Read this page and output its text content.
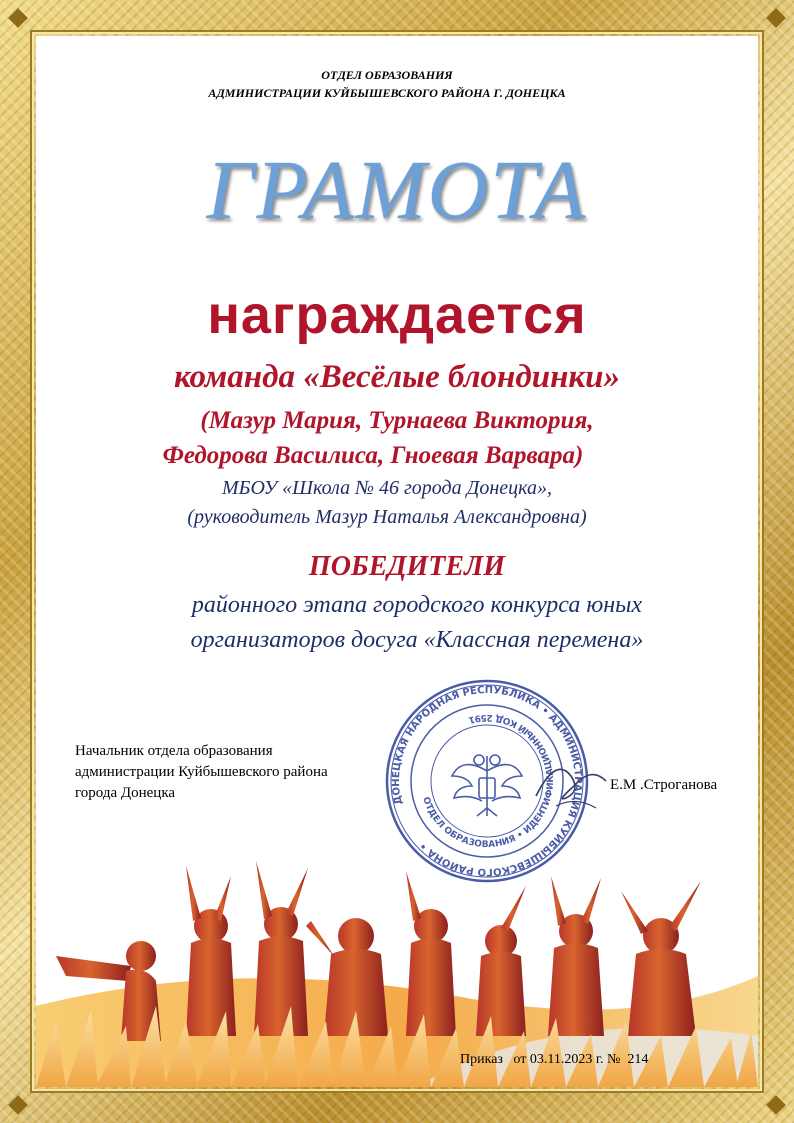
ОТДЕЛ ОБРАЗОВАНИЯ
АДМИНИСТРАЦИИ КУЙБЫШЕВСКОГО РАЙОНА Г. ДОНЕЦКА
ГРАМОТА
награждается
команда «Весёлые блондинки»
(Мазур Мария, Турнаева Виктория,
Федорова Василиса, Гноевая Варвара)
МБОУ «Школа № 46 города Донецка»,
(руководитель Мазур Наталья Александровна)
ПОБЕДИТЕЛИ
районного этапа городского конкурса юных
организаторов досуга «Классная перемена»
Начальник отдела образования
администрации Куйбышевского района
города Донецка	ДОНЕЦКАЯ НАРОДНАЯ РЕСПУБЛИКА • АДМИНИСТРАЦИЯ КУЙБЫШЕВСКОГО РАЙОНА •
ОТДЕЛ ОБРАЗОВАНИЯ • ИДЕНТИФИКАЦИОННЫЙ КОД 2591
Е.М .Строганова
Приказ   от 03.11.2023 г. №  214
